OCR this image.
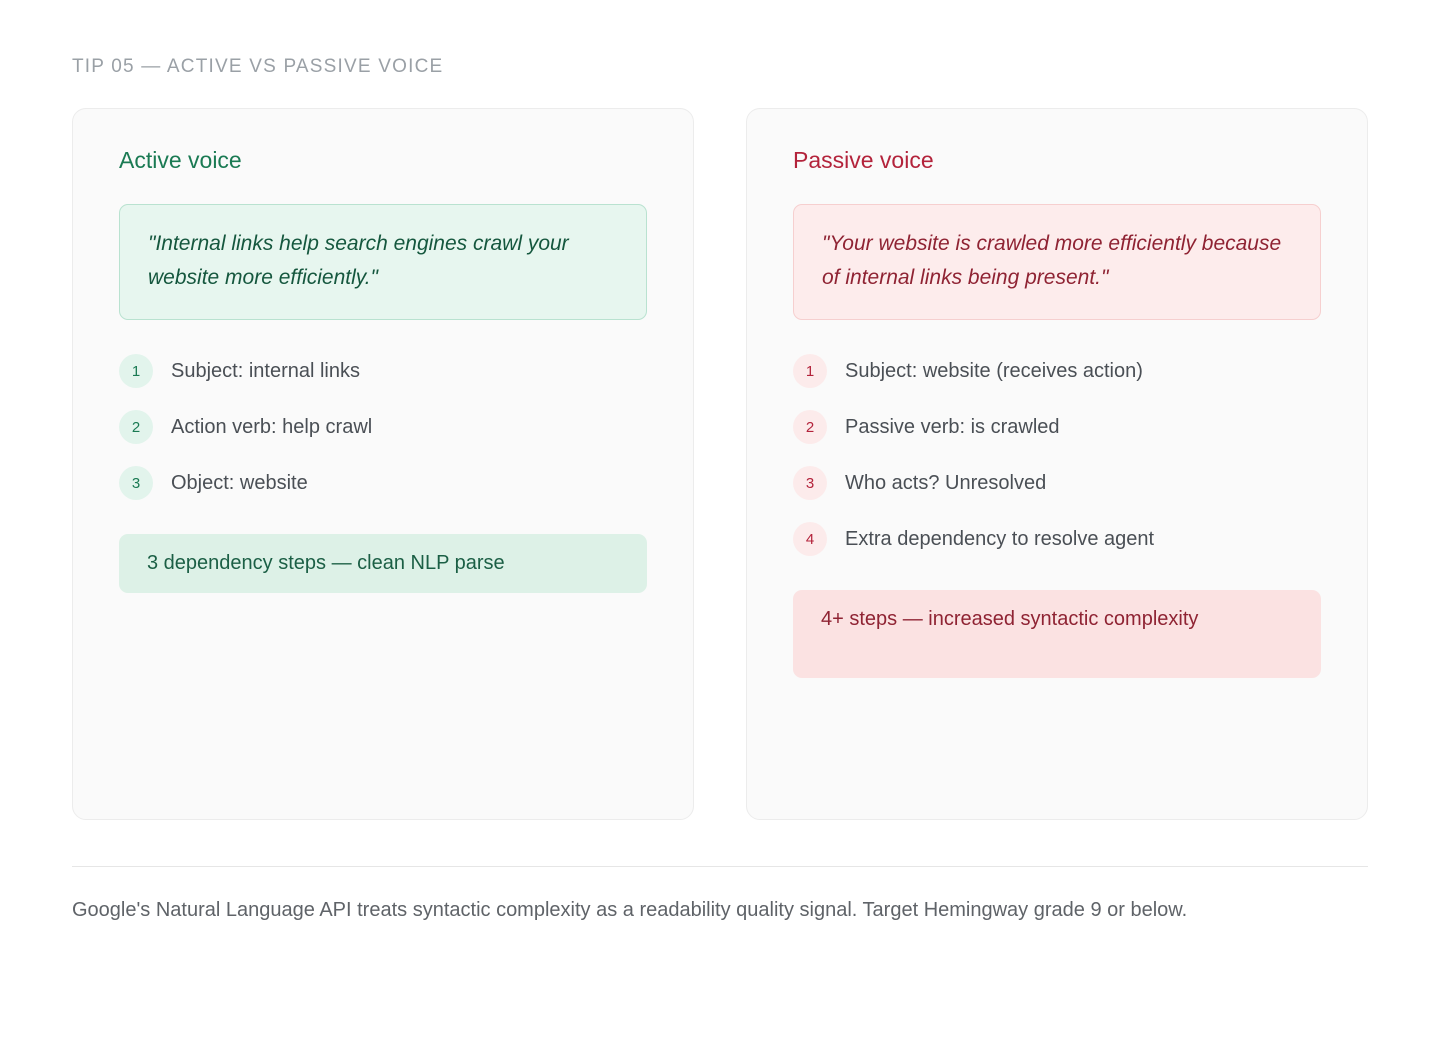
TIP 05 — ACTIVE VS PASSIVE VOICE
Active voice
"Internal links help search engines crawl your website more efficiently."
1	Subject: internal links
2	Action verb: help crawl
3	Object: website
3 dependency steps — clean NLP parse
Passive voice
"Your website is crawled more efficiently because of internal links being present."
1	Subject: website (receives action)
2	Passive verb: is crawled
3	Who acts? Unresolved
4	Extra dependency to resolve agent
4+ steps — increased syntactic complexity

Google's Natural Language API treats syntactic complexity as a readability quality signal. Target Hemingway grade 9 or below.
